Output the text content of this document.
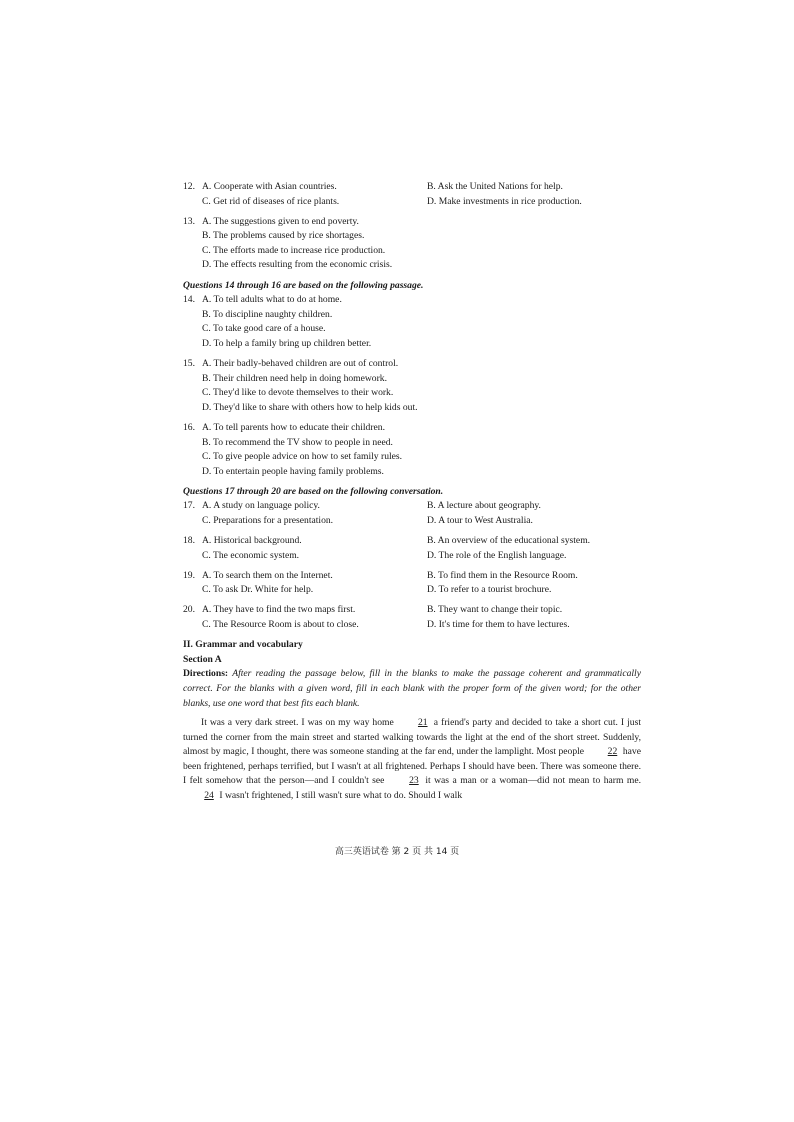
12. A. Cooperate with Asian countries.	B. Ask the United Nations for help.
C. Get rid of diseases of rice plants.	D. Make investments in rice production.
13. A. The suggestions given to end poverty.
B. The problems caused by rice shortages.
C. The efforts made to increase rice production.
D. The effects resulting from the economic crisis.
Questions 14 through 16 are based on the following passage.
14. A. To tell adults what to do at home.
B. To discipline naughty children.
C. To take good care of a house.
D. To help a family bring up children better.
15. A. Their badly-behaved children are out of control.
B. Their children need help in doing homework.
C. They'd like to devote themselves to their work.
D. They'd like to share with others how to help kids out.
16. A. To tell parents how to educate their children.
B. To recommend the TV show to people in need.
C. To give people advice on how to set family rules.
D. To entertain people having family problems.
Questions 17 through 20 are based on the following conversation.
17. A. A study on language policy.	B. A lecture about geography.
C. Preparations for a presentation.	D. A tour to West Australia.
18. A. Historical background.	B. An overview of the educational system.
C. The economic system.	D. The role of the English language.
19. A. To search them on the Internet.	B. To find them in the Resource Room.
C. To ask Dr. White for help.	D. To refer to a tourist brochure.
20. A. They have to find the two maps first.	B. They want to change their topic.
C. The Resource Room is about to close.	D. It's time for them to have lectures.
II. Grammar and vocabulary
Section A
Directions: After reading the passage below, fill in the blanks to make the passage coherent and grammatically correct. For the blanks with a given word, fill in each blank with the proper form of the given word; for the other blanks, use one word that best fits each blank.
It was a very dark street. I was on my way home 21 a friend's party and decided to take a short cut. I just turned the corner from the main street and started walking towards the light at the end of the short street. Suddenly, almost by magic, I thought, there was someone standing at the far end, under the lamplight. Most people 22 have been frightened, perhaps terrified, but I wasn't at all frightened. Perhaps I should have been. There was someone there. I felt somehow that the person—and I couldn't see 23 it was a man or a woman—did not mean to harm me. 24 I wasn't frightened, I still wasn't sure what to do. Should I walk
高三英语试卷 第 2 页 共 14 页
